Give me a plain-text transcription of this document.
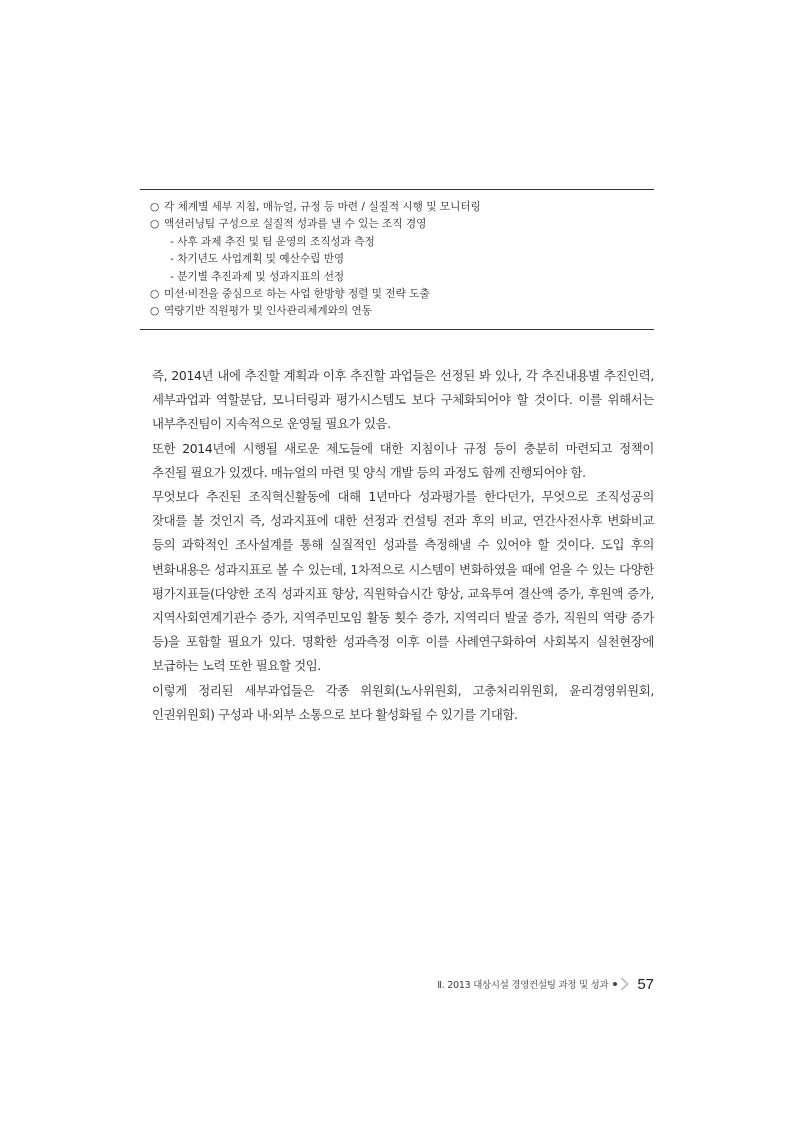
○ 각 체계별 세부 지침, 매뉴얼, 규정 등 마련 / 실질적 시행 및 모니터링
○ 액션러닝팀 구성으로 실질적 성과를 낼 수 있는 조직 경영
- 사후 과제 추진 및 팀 운영의 조직성과 측정
- 차기년도 사업계획 및 예산수립 반영
- 분기별 추진과제 및 성과지표의 선정
○ 미션·비전을 중심으로 하는 사업 한방향 정렬 및 전략 도출
○ 역량기반 직원평가 및 인사관리체계와의 연동

즉, 2014년 내에 추진할 계획과 이후 추진할 과업들은 선정된 봐 있나, 각 추진내용별 추진인력, 세부과업과 역할분담, 모니터링과 평가시스템도 보다 구체화되어야 할 것이다. 이를 위해서는 내부추진팀이 지속적으로 운영될 필요가 있음.

또한 2014년에 시행될 새로운 제도들에 대한 지침이나 규정 등이 충분히 마련되고 정책이 추진될 필요가 있겠다. 매뉴얼의 마련 및 양식 개발 등의 과정도 함께 진행되어야 함.

무엇보다 추진된 조직혁신활동에 대해 1년마다 성과평가를 한다던가, 무엇으로 조직성공의 잣대를 볼 것인지 즉, 성과지표에 대한 선정과 컨설팅 전과 후의 비교, 연간사전사후 변화비교 등의 과학적인 조사설계를 통해 실질적인 성과를 측정해낼 수 있어야 할 것이다. 도입 후의 변화내용은 성과지표로 볼 수 있는데, 1차적으로 시스템이 변화하였을 때에 얻을 수 있는 다양한 평가지표들(다양한 조직 성과지표 향상, 직원학습시간 향상, 교육투여 결산액 증가, 후원액 증가, 지역사회연계기관수 증가, 지역주민모임 활동 횟수 증가, 지역리더 발굴 증가, 직원의 역량 증가 등)을 포함할 필요가 있다. 명확한 성과측정 이후 이를 사례연구화하여 사회복지 실천현장에 보급하는 노력 또한 필요할 것임.

이렇게 정리된 세부과업들은 각종 위원회(노사위원회, 고충처리위원회, 윤리경영위원회, 인권위원회) 구성과 내·외부 소통으로 보다 활성화될 수 있기를 기대함.

Ⅱ. 2013 대상시설 경영컨설팅 과정 및 성과 57
